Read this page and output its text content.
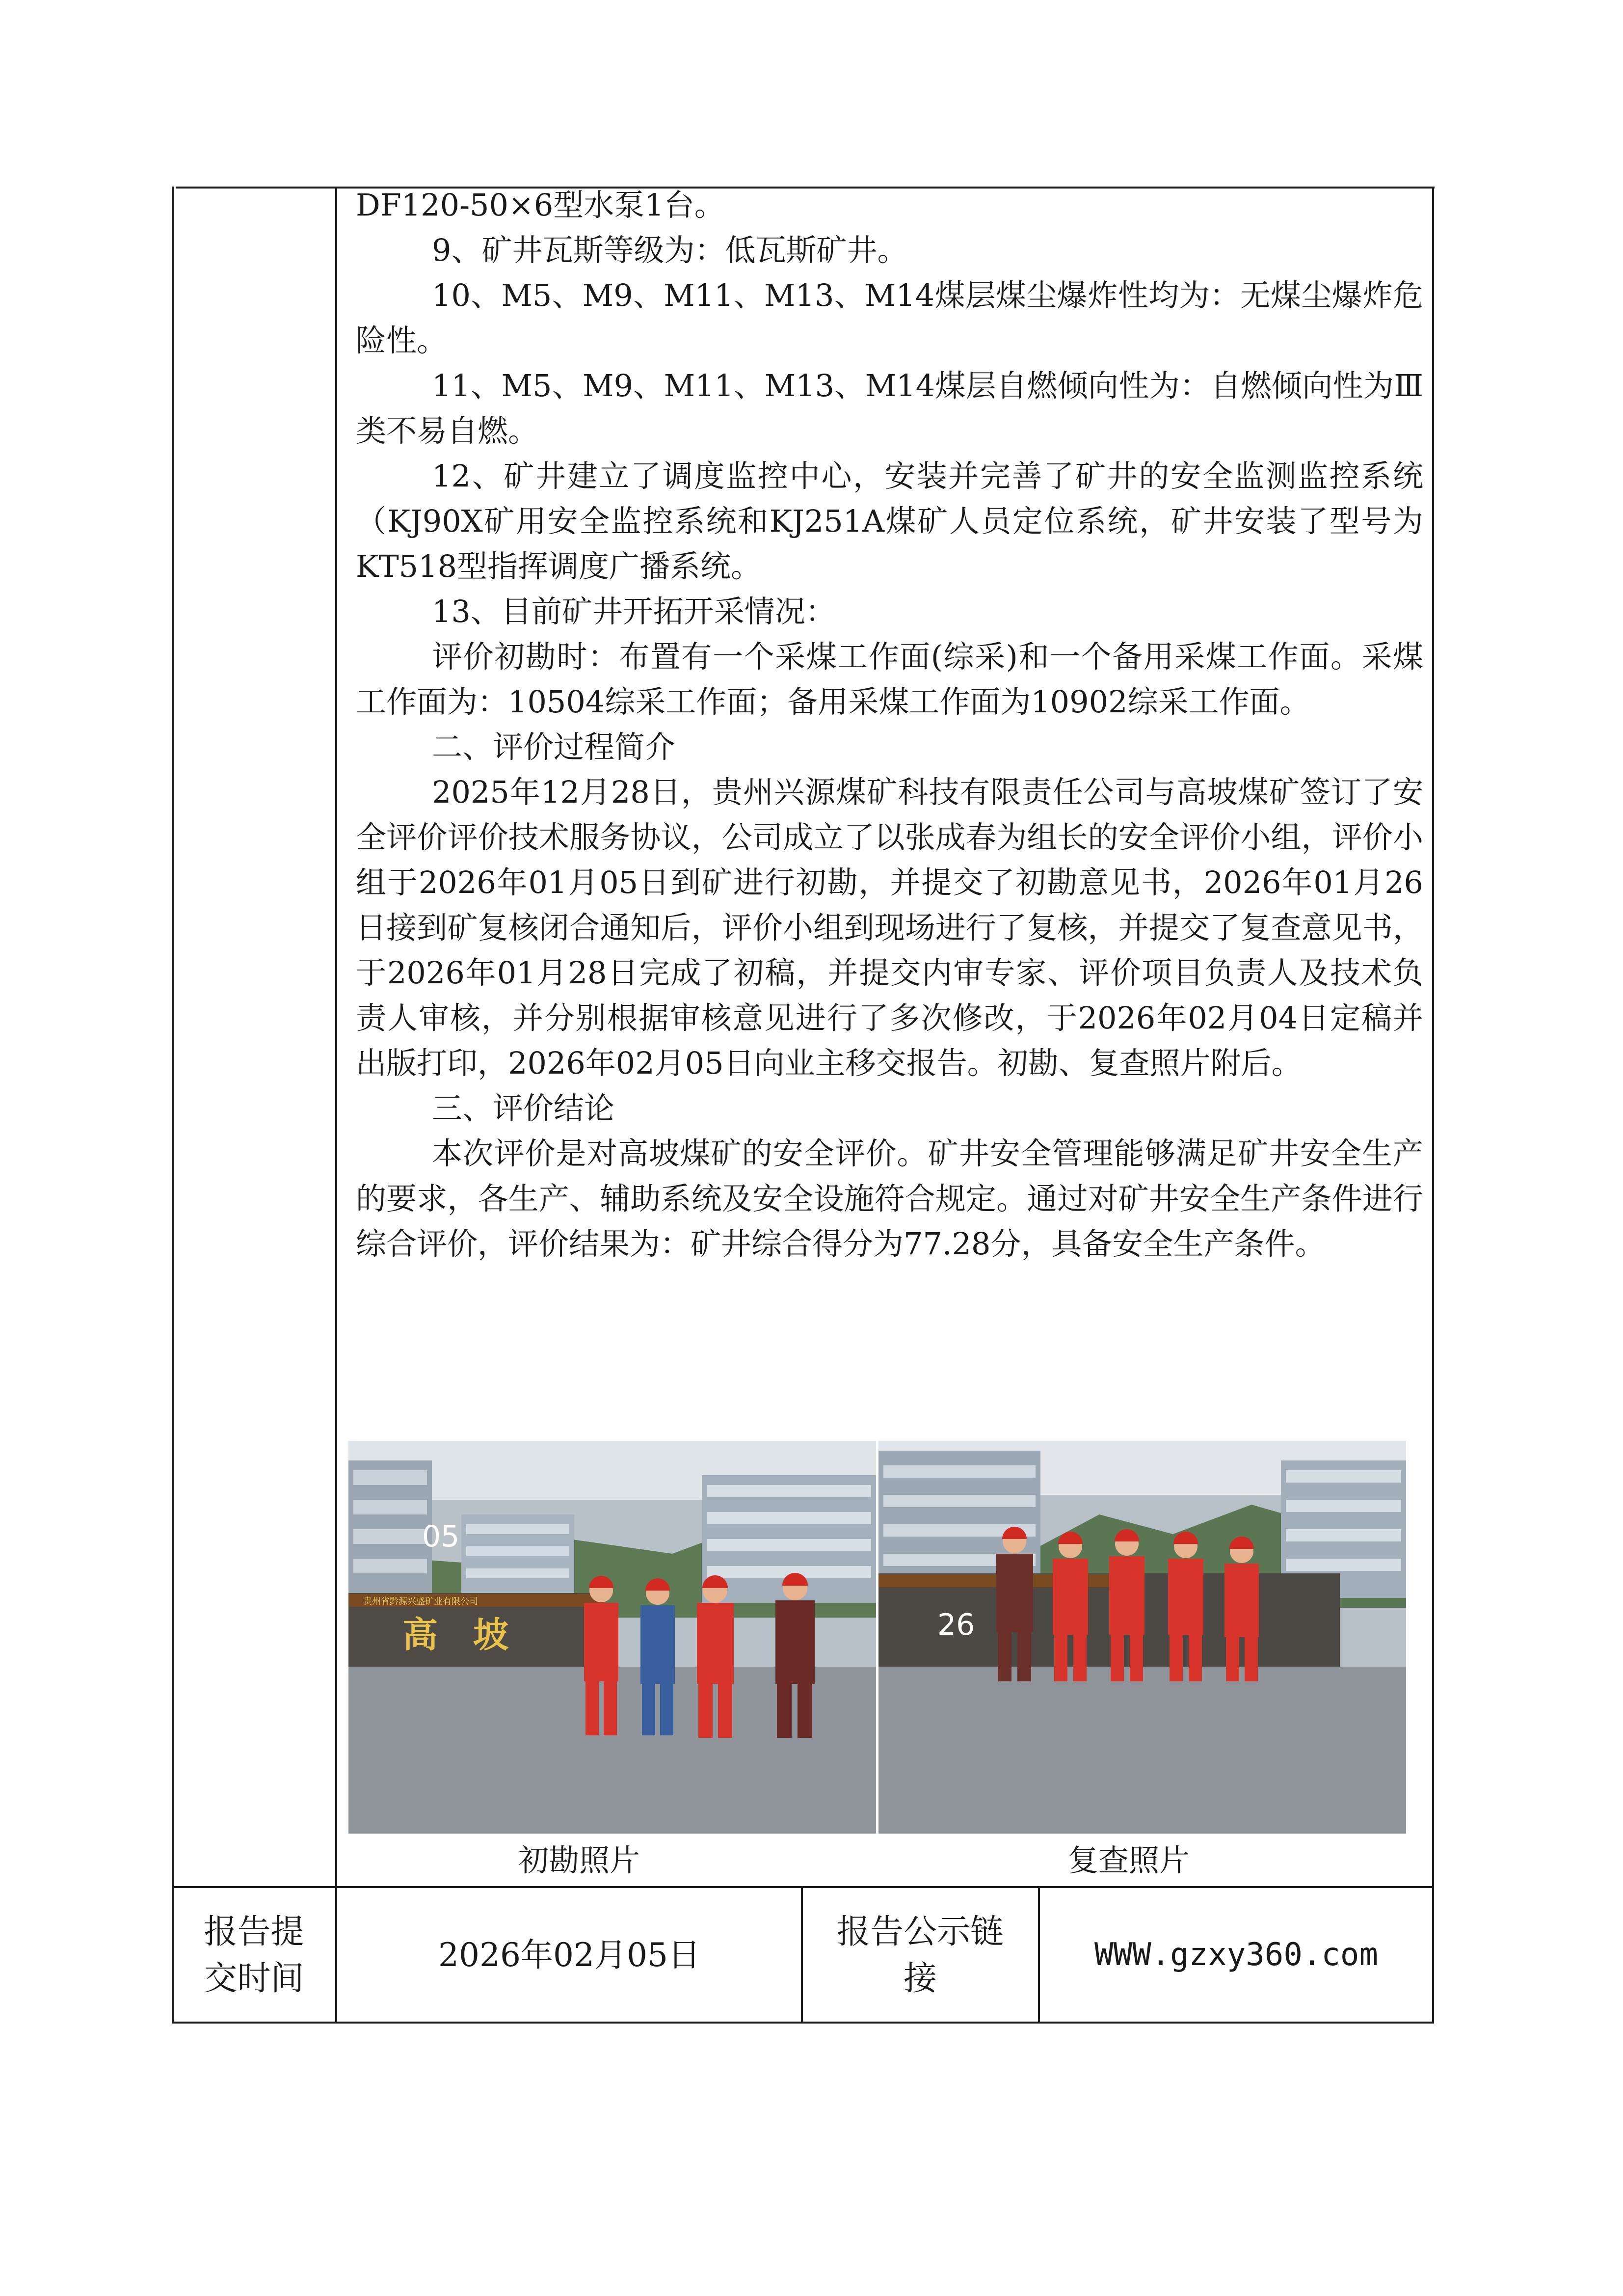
DF120-50×6型水泵1台。

9、矿井瓦斯等级为：低瓦斯矿井。

10、M5、M9、M11、M13、M14煤层煤尘爆炸性均为：无煤尘爆炸危险性。

11、M5、M9、M11、M13、M14煤层自燃倾向性为：自燃倾向性为Ⅲ类不易自燃。

12、矿井建立了调度监控中心，安装并完善了矿井的安全监测监控系统（KJ90X矿用安全监控系统和KJ251A煤矿人员定位系统，矿井安装了型号为KT518型指挥调度广播系统。

13、目前矿井开拓开采情况：

评价初勘时：布置有一个采煤工作面(综采)和一个备用采煤工作面。采煤工作面为：10504综采工作面；备用采煤工作面为10902综采工作面。

二、评价过程简介

2025年12月28日，贵州兴源煤矿科技有限责任公司与高坡煤矿签订了安全评价评价技术服务协议，公司成立了以张成春为组长的安全评价小组，评价小组于2026年01月05日到矿进行初勘，并提交了初勘意见书，2026年01月26日接到矿复核闭合通知后，评价小组到现场进行了复核，并提交了复查意见书，于2026年01月28日完成了初稿，并提交内审专家、评价项目负责人及技术负责人审核，并分别根据审核意见进行了多次修改，于2026年02月04日定稿并出版打印，2026年02月05日向业主移交报告。初勘、复查照片附后。

三、评价结论

本次评价是对高坡煤矿的安全评价。矿井安全管理能够满足矿井安全生产的要求，各生产、辅助系统及安全设施符合规定。通过对矿井安全生产条件进行综合评价，评价结果为：矿井综合得分为77.28分，具备安全生产条件。

贵州省黔源兴盛矿业有限公司
高　坡
05
26
初勘照片	复查照片
报告提交时间
2026年02月05日
报告公示链接
WWW.gzxy360.com
